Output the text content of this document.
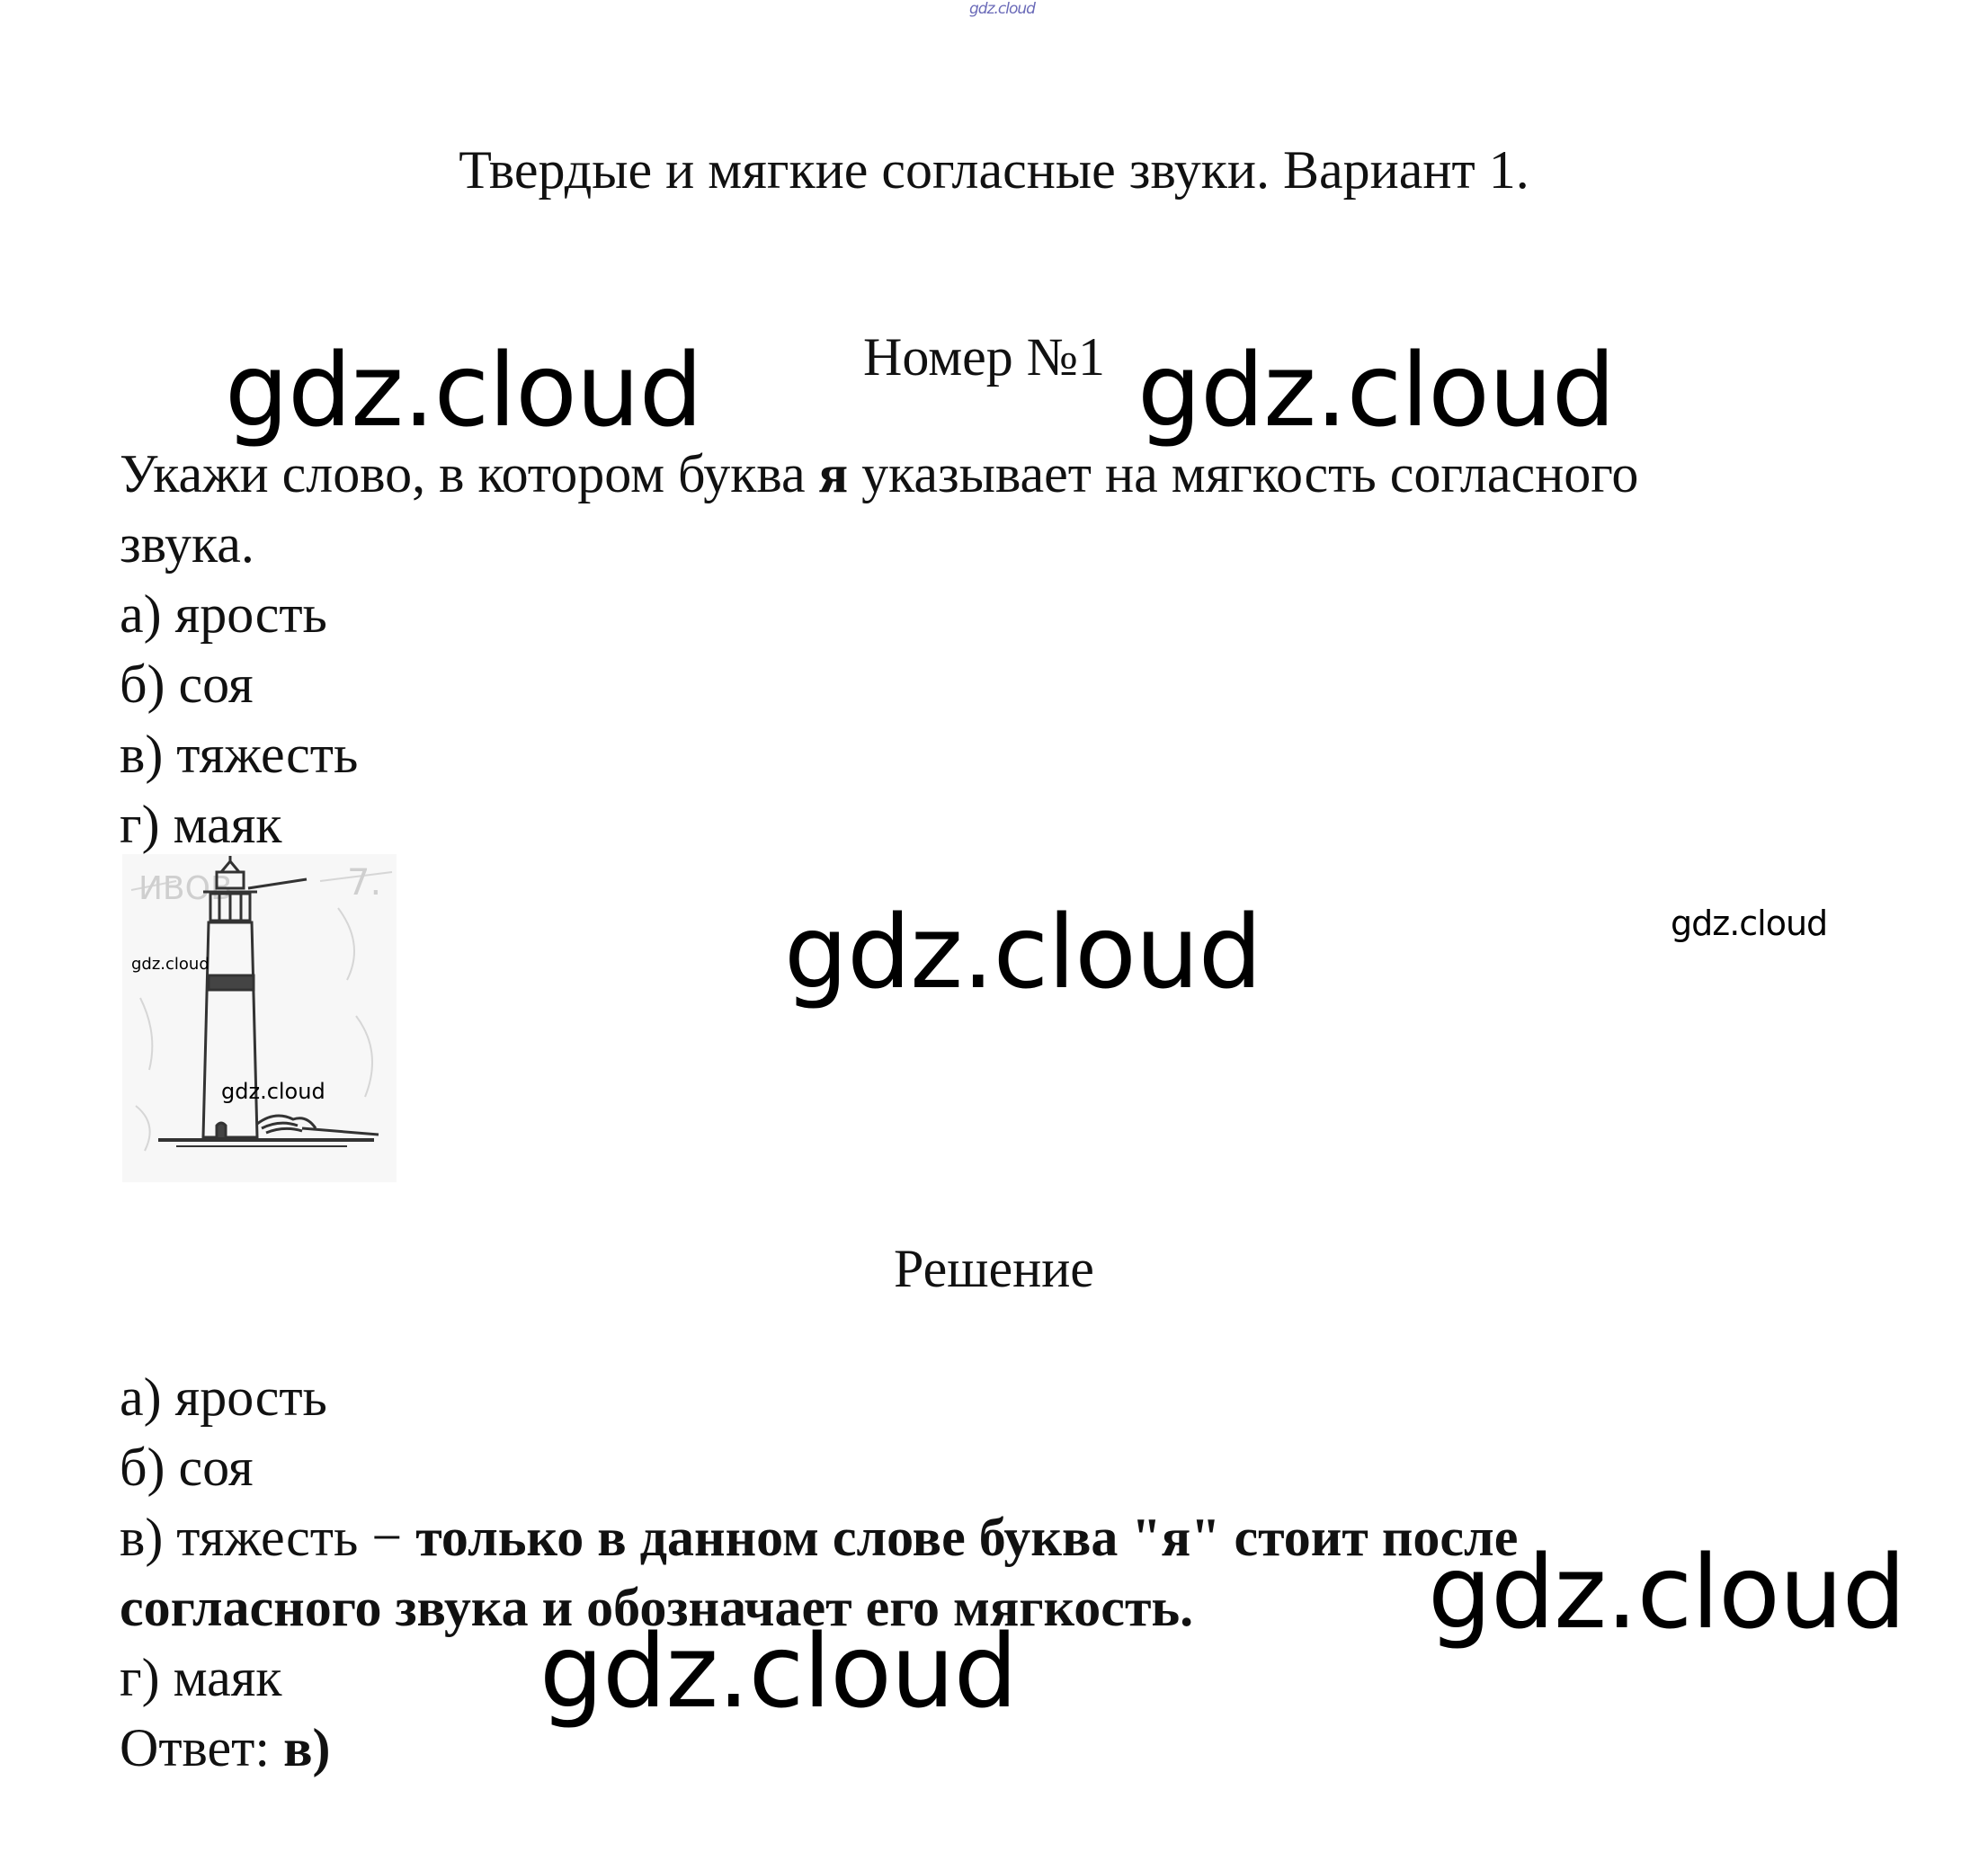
gdz.cloud
Твердые и мягкие согласные звуки. Вариант 1.
gdz.cloud	gdz.cloud
Номер №1
Укажи слово, в котором буква я указывает на мягкость согласного
звука.
а) ярость
б) соя
в) тяжесть
г) маяк
ИВОВ	7.
gdz.cloud
gdz.cloud
gdz.cloud	gdz.cloud
Решение
а) ярость
б) соя
в) тяжесть − только в данном слове буква "я" стоит после
согласного звука и обозначает его мягкость.
г) маяк
Ответ: в)
gdz.cloud
gdz.cloud
